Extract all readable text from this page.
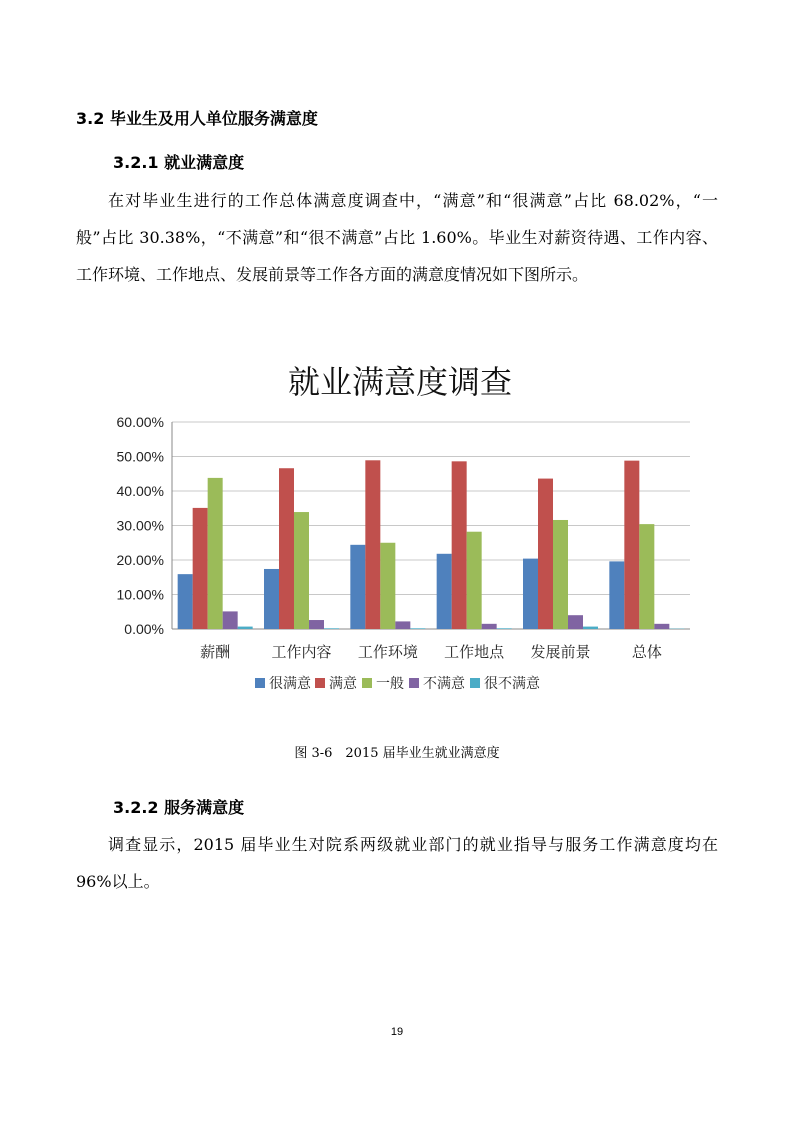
3.2 毕业生及用人单位服务满意度
3.2.1 就业满意度

在对毕业生进行的工作总体满意度调查中，“满意”和“很满意”占比 68.02%，“一般”占比 30.38%，“不满意”和“很不满意”占比 1.60%。毕业生对薪资待遇、工作内容、工作环境、工作地点、发展前景等工作各方面的满意度情况如下图所示。

就业满意度调查
0.00%
10.00%
20.00%
30.00%
40.00%
50.00%
60.00%
薪酬	工作内容 工作环境 工作地点 发展前景	总体
很满意 满意 一般 不满意 很不满意
图 3-6　2015 届毕业生就业满意度
3.2.2 服务满意度

调查显示，2015 届毕业生对院系两级就业部门的就业指导与服务工作满意度均在 96%以上。

19
